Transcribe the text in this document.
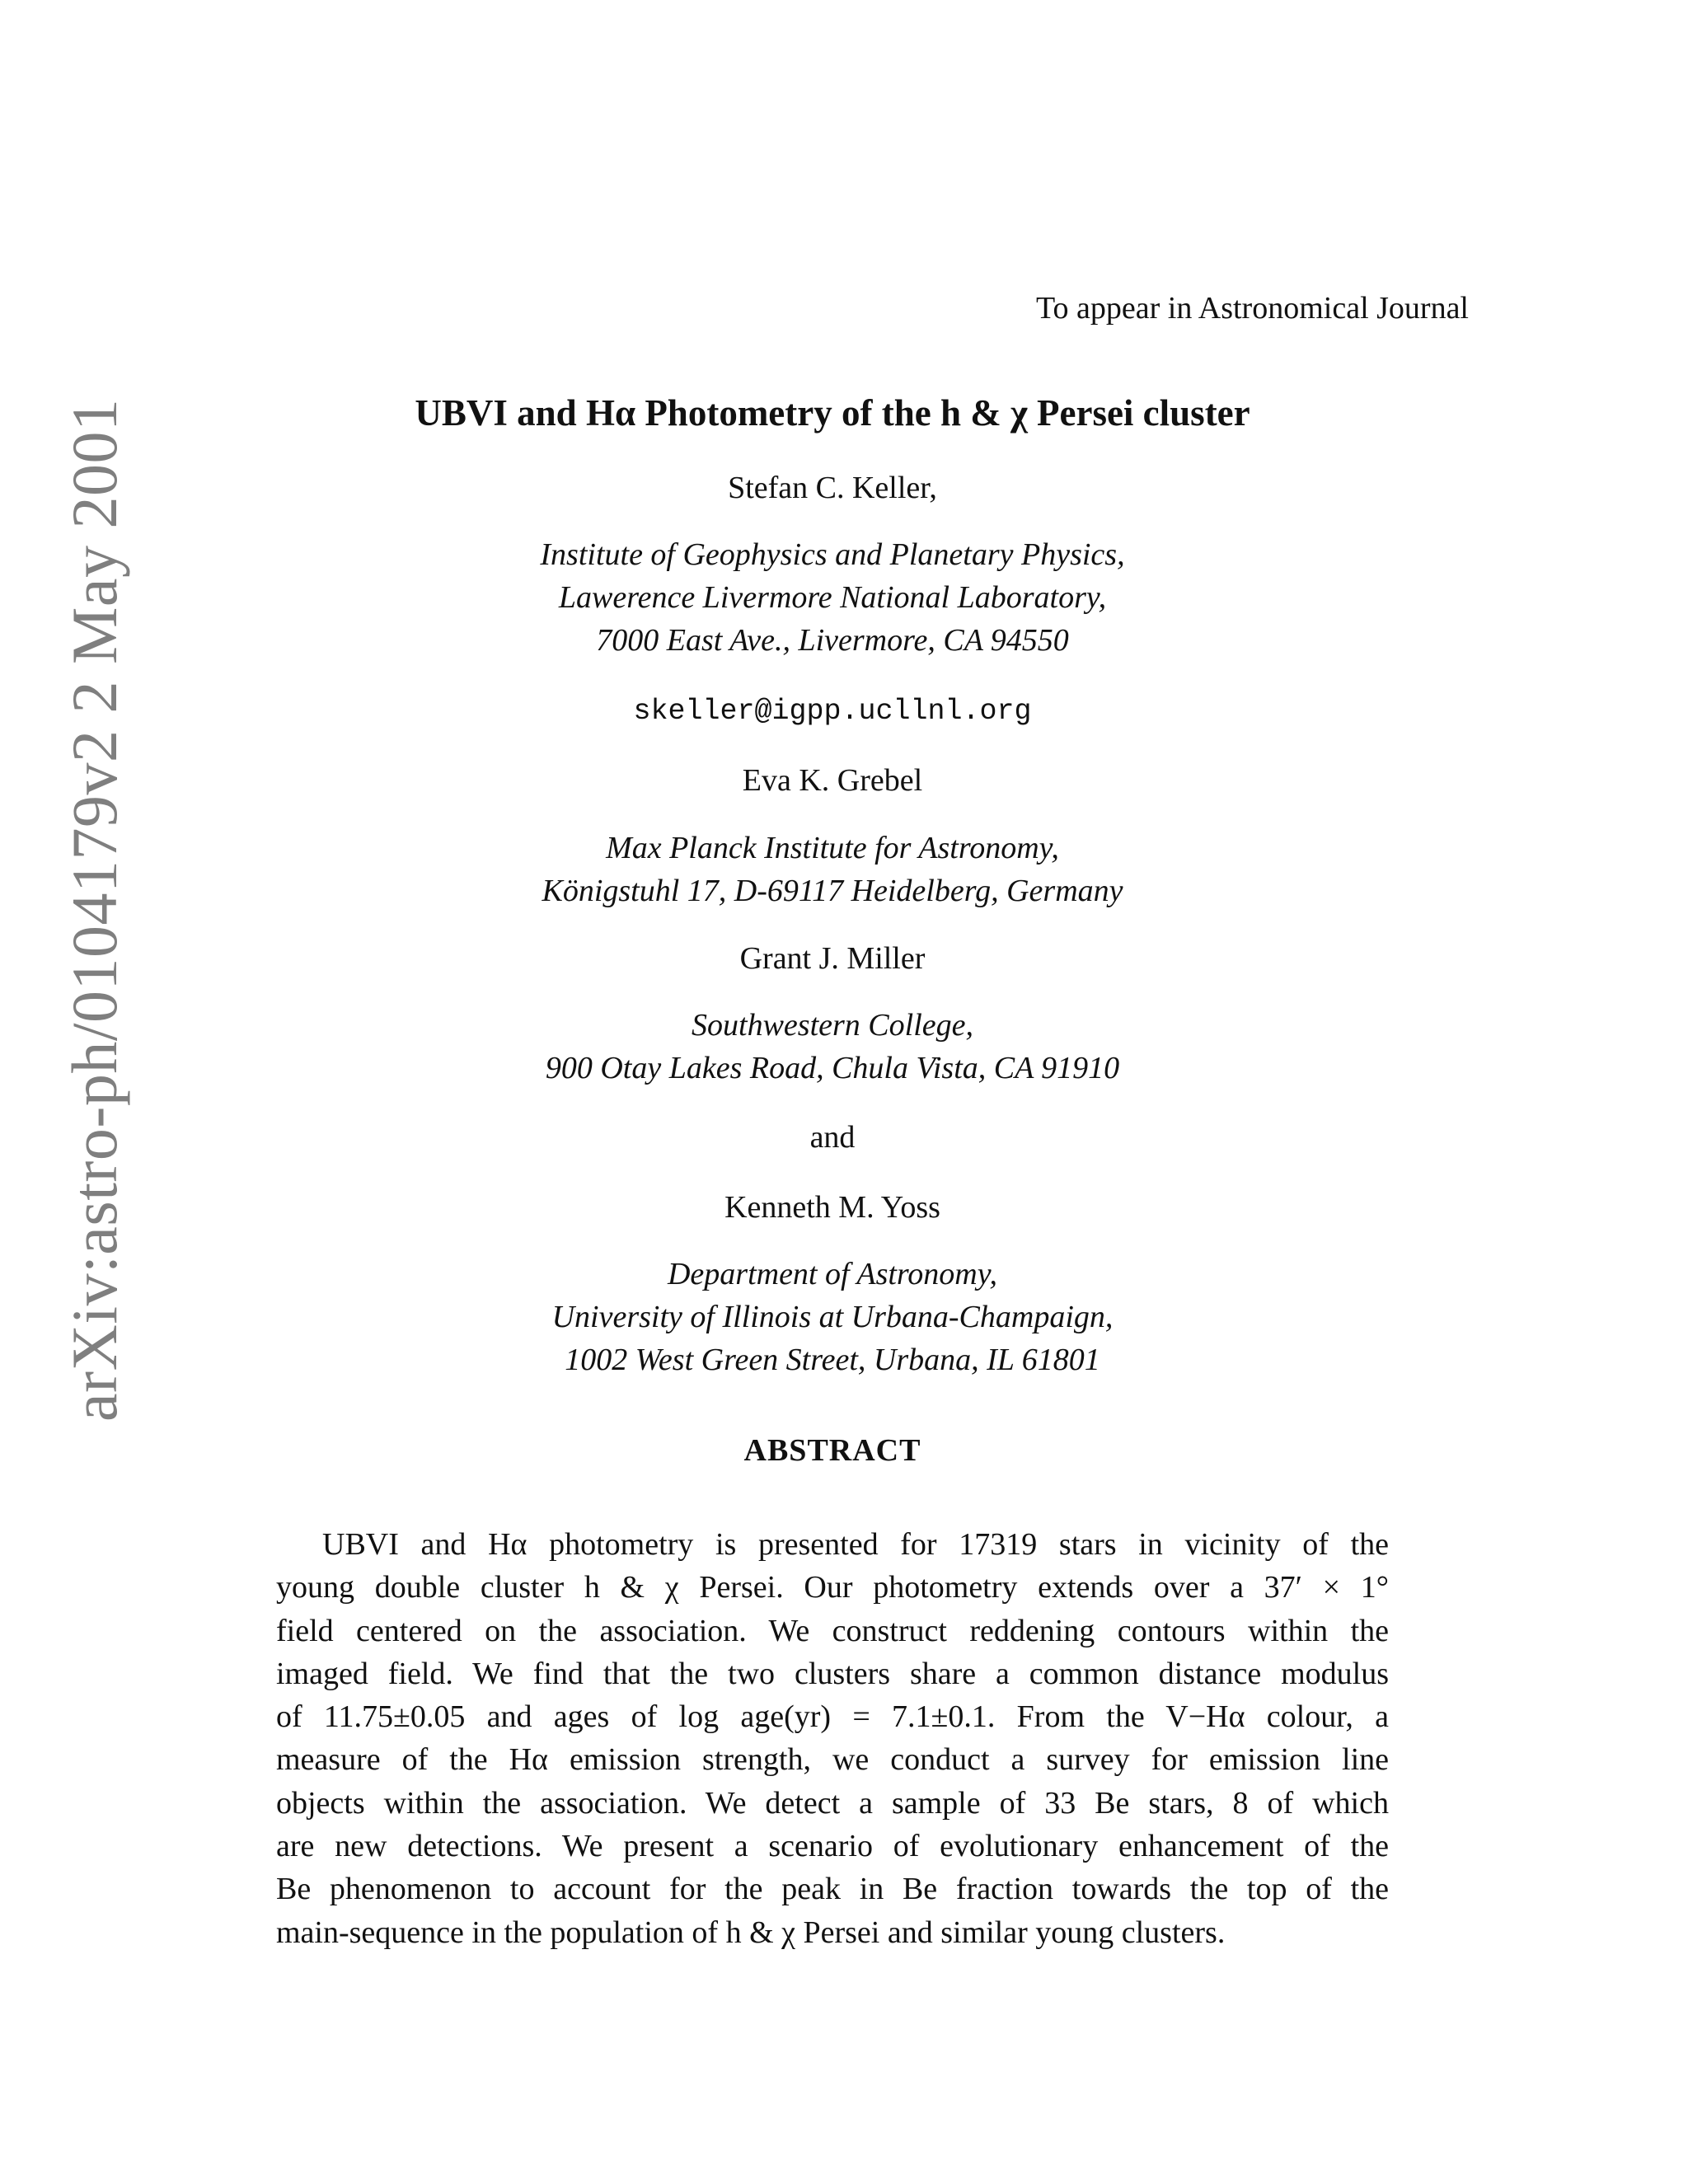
arXiv:astro-ph/0104179v2 2 May 2001
To appear in Astronomical Journal
UBVI and Hα Photometry of the h & χ Persei cluster
Stefan C. Keller,
Institute of Geophysics and Planetary Physics,
Lawerence Livermore National Laboratory,
7000 East Ave., Livermore, CA 94550
skeller@igpp.ucllnl.org
Eva K. Grebel
Max Planck Institute for Astronomy,
Königstuhl 17, D-69117 Heidelberg, Germany
Grant J. Miller
Southwestern College,
900 Otay Lakes Road, Chula Vista, CA 91910
and
Kenneth M. Yoss
Department of Astronomy,
University of Illinois at Urbana-Champaign,
1002 West Green Street, Urbana, IL 61801
ABSTRACT
UBVI and Hα photometry is presented for 17319 stars in vicinity of the
young double cluster h & χ Persei. Our photometry extends over a 37′ × 1°
field centered on the association. We construct reddening contours within the
imaged field. We find that the two clusters share a common distance modulus
of 11.75±0.05 and ages of log age(yr) = 7.1±0.1. From the V−Hα colour, a
measure of the Hα emission strength, we conduct a survey for emission line
objects within the association. We detect a sample of 33 Be stars, 8 of which
are new detections. We present a scenario of evolutionary enhancement of the
Be phenomenon to account for the peak in Be fraction towards the top of the
main-sequence in the population of h & χ Persei and similar young clusters.
